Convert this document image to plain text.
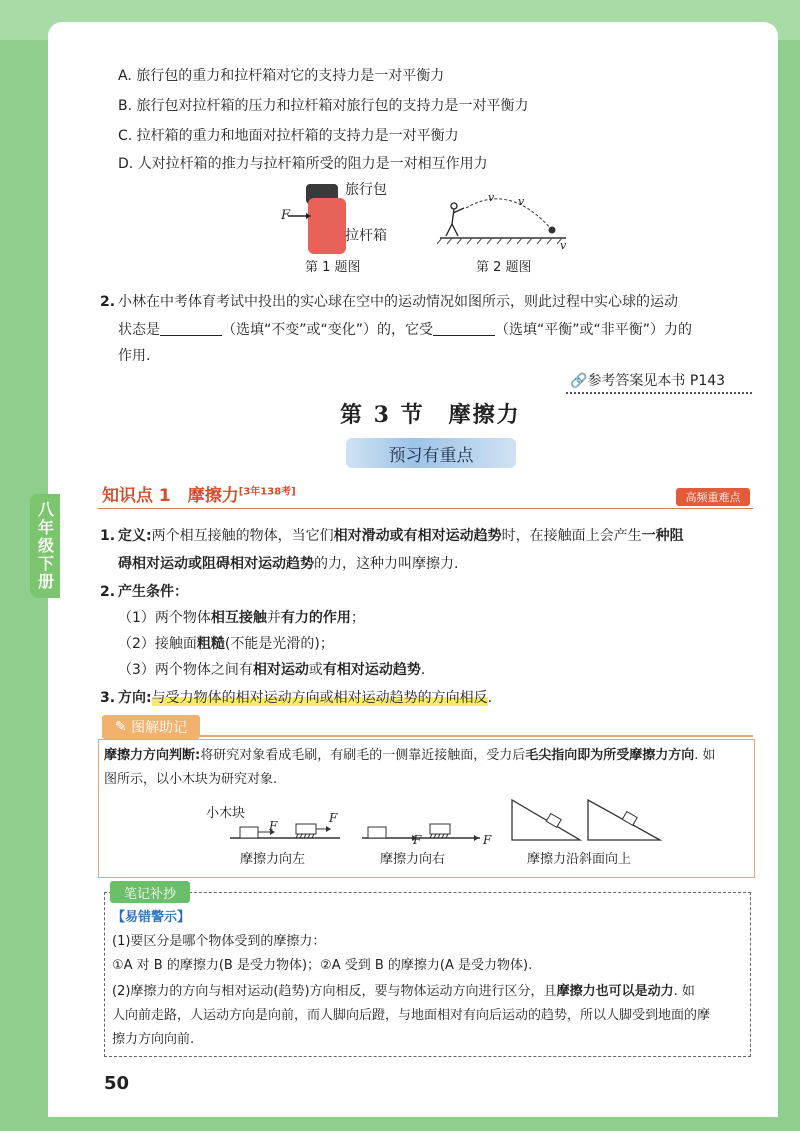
八年级下册
A. 旅行包的重力和拉杆箱对它的支持力是一对平衡力
B. 旅行包对拉杆箱的压力和拉杆箱对旅行包的支持力是一对平衡力
C. 拉杆箱的重力和地面对拉杆箱的支持力是一对平衡力
D. 人对拉杆箱的推力与拉杆箱所受的阻力是一对相互作用力
旅行包
拉杆箱
F
第 1 题图
v v
v
第 2 题图
2. 小林在中考体育考试中投出的实心球在空中的运动情况如图所示，则此过程中实心球的运动
状态是	（选填“不变”或“变化”）的，它受	（选填“平衡”或“非平衡”）力的
作用.
🔗参考答案见本书 P143
第 3 节　摩擦力
预习有重点
知识点 1　摩擦力[3年138考]	高频重难点
1. 定义:两个相互接触的物体，当它们相对滑动或有相对运动趋势时，在接触面上会产生一种阻
碍相对运动或阻碍相对运动趋势的力，这种力叫摩擦力.
2. 产生条件：
（1）两个物体相互接触并有力的作用；
（2）接触面粗糙(不能是光滑的)；
（3）两个物体之间有相对运动或有相对运动趋势.
3. 方向:与受力物体的相对运动方向或相对运动趋势的方向相反.
✎ 图解助记
摩擦力方向判断:将研究对象看成毛刷，有刷毛的一侧靠近接触面，受力后毛尖指向即为所受摩擦力方向. 如
图所示，以小木块为研究对象.
小木块
F
F
F	F
摩擦力向左	摩擦力向右	摩擦力沿斜面向上
笔记补抄
【易错警示】
(1)要区分是哪个物体受到的摩擦力：
①A 对 B 的摩擦力(B 是受力物体)；②A 受到 B 的摩擦力(A 是受力物体).
(2)摩擦力的方向与相对运动(趋势)方向相反，要与物体运动方向进行区分，且摩擦力也可以是动力. 如
人向前走路，人运动方向是向前，而人脚向后蹬，与地面相对有向后运动的趋势，所以人脚受到地面的摩
擦力方向向前.
50
